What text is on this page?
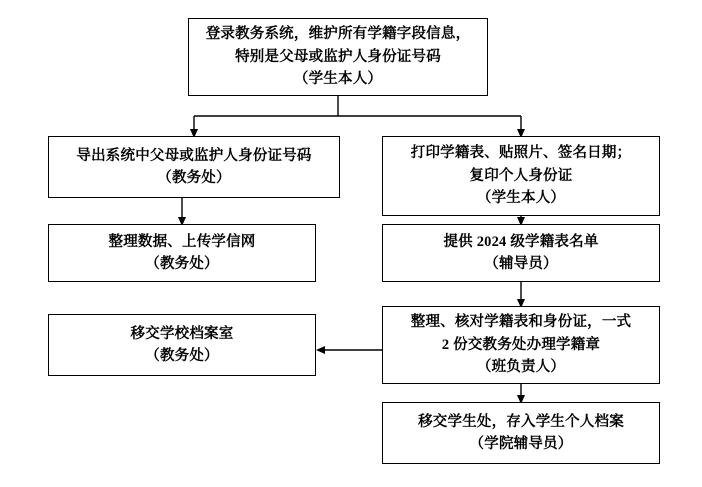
登录教务系统，维护所有学籍字段信息，
特别是父母或监护人身份证号码
（学生本人）
导出系统中父母或监护人身份证号码
（教务处）
打印学籍表、贴照片、签名日期；
复印个人身份证
（学生本人）
整理数据、上传学信网
（教务处）
提供 2024 级学籍表名单
（辅导员）
移交学校档案室
（教务处）
整理、核对学籍表和身份证，一式
2 份交教务处办理学籍章
（班负责人）
移交学生处，存入学生个人档案
（学院辅导员）
